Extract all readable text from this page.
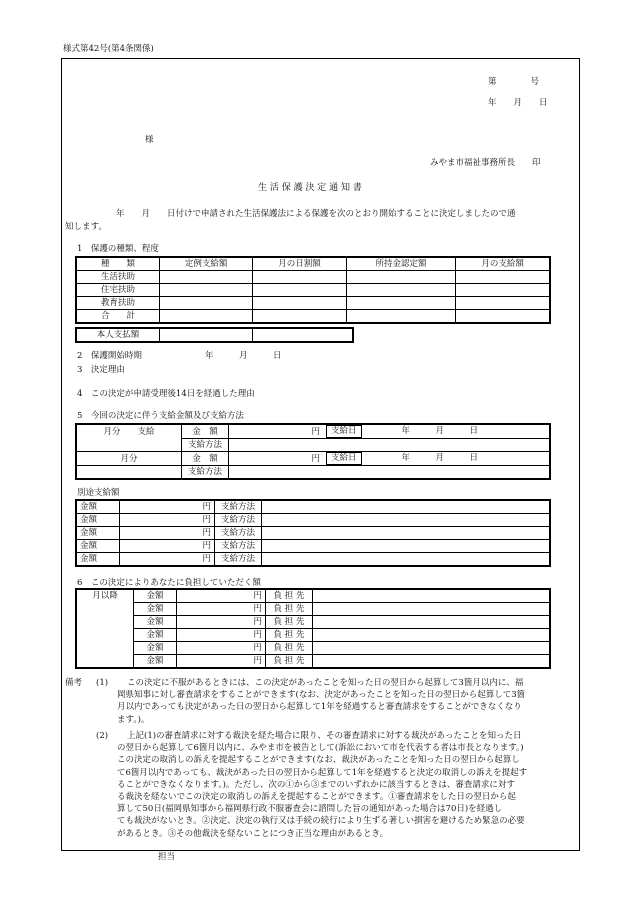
様式第42号(第4条関係)
第　　　　号
年　　月　　日
様
みやま市福祉事務所長　　印
生 活 保 護 決 定 通 知 書
年　　月　　日付けで申請された生活保護法による保護を次のとおり開始することに決定しましたので通
知します。
1　保護の種類、程度
種　　類	定例支給額	月の日割額	所持金認定額	月の支給額
生活扶助				
住宅扶助				
教育扶助				
合　　計				
本人支払額		
2　保護開始時期	年　　　月　　　日
3　決定理由
4　この決定が申請受理後14日を経過した理由
5　今回の決定に伴う支給金額及び支給方法
月分　　支給	金　額	円	支給日 年　　　月　　　日
	支給方法		
月分	金　額	円	支給日 年　　　月　　　日
	支給方法		
別途支給額
金額	円	支給方法	
金額	円	支給方法	
金額	円	支給方法	
金額	円	支給方法	
金額	円	支給方法	
6　この決定によりあなたに負担していただく額
月以降	金額	円	負 担 先	
	金額	円	負 担 先	
	金額	円	負 担 先	
	金額	円	負 担 先	
	金額	円	負 担 先	
	金額	円	負 担 先	
備考 (1)	この決定に不服があるときには、この決定があったことを知った日の翌日から起算して3箇月以内に、福
岡県知事に対し審査請求をすることができます(なお、決定があったことを知った日の翌日から起算して3箇
月以内であっても決定があった日の翌日から起算して1年を経過すると審査請求をすることができなくなり
ます。)。
(2)	上記(1)の審査請求に対する裁決を経た場合に限り、その審査請求に対する裁決があったことを知った日
の翌日から起算して6箇月以内に、みやま市を被告として(訴訟において市を代表する者は市長となります。)
この決定の取消しの訴えを提起することができます(なお、裁決があったことを知った日の翌日から起算し
て6箇月以内であっても、裁決があった日の翌日から起算して1年を経過すると決定の取消しの訴えを提起す
ることができなくなります。)。ただし、次の①から③までのいずれかに該当するときは、審査請求に対す
る裁決を経ないでこの決定の取消しの訴えを提起することができます。①審査請求をした日の翌日から起
算して50日(福岡県知事から福岡県行政不服審査会に諮問した旨の通知があった場合は70日)を経過し
ても裁決がないとき。②決定、決定の執行又は手続の続行により生ずる著しい損害を避けるため緊急の必要
があるとき。③その他裁決を経ないことにつき正当な理由があるとき。
担当
